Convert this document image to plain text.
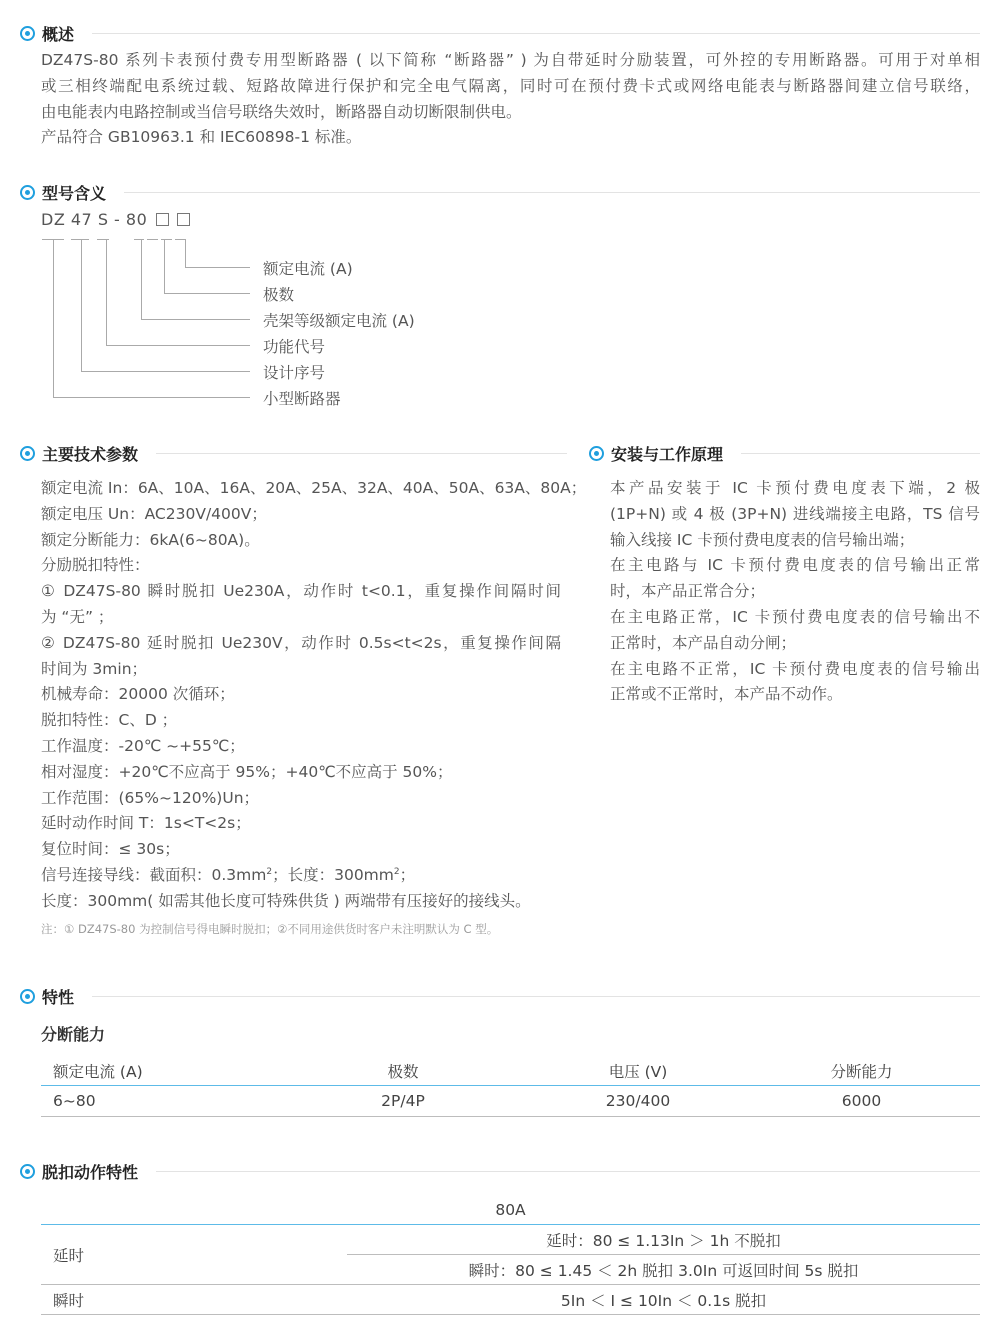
概述
DZ47S-80 系列卡表预付费专用型断路器 ( 以下简称 “断路器” ) 为自带延时分励装置，可外控的专用断路器。可用于对单相
或三相终端配电系统过载、短路故障进行保护和完全电气隔离，同时可在预付费卡式或网络电能表与断路器间建立信号联络，
由电能表内电路控制或当信号联络失效时，断路器自动切断限制供电。
产品符合 GB10963.1 和 IEC60898-1 标准。
型号含义
DZ 47 S - 80
额定电流 (A)
极数
壳架等级额定电流 (A)
功能代号
设计序号
小型断路器
主要技术参数
额定电流 In：6A、10A、16A、20A、25A、32A、40A、50A、63A、80A；
额定电压 Un：AC230V/400V；
额定分断能力：6kA(6~80A)。
分励脱扣特性：
① DZ47S-80 瞬时脱扣 Ue230A，动作时 t<0.1，重复操作间隔时间
为 “无” ；
② DZ47S-80 延时脱扣 Ue230V，动作时 0.5s<t<2s，重复操作间隔
时间为 3min；
机械寿命：20000 次循环；
脱扣特性：C、D ；
工作温度：-20℃ ~+55℃；
相对湿度：+20℃不应高于 95%；+40℃不应高于 50%；
工作范围：(65%~120%)Un；
延时动作时间 T：1s<T<2s；
复位时间：≤ 30s；
信号连接导线：截面积：$0.3mm^2$；长度：$300mm^2$；
长度：300mm( 如需其他长度可特殊供货 ) 两端带有压接好的接线头。
注：① DZ47S-80 为控制信号得电瞬时脱扣；②不同用途供货时客户未注明默认为 C 型。
安装与工作原理
本产品安装于 IC 卡预付费电度表下端，2 极
(1P+N) 或 4 极 (3P+N) 进线端接主电路，TS 信号
输入线接 IC 卡预付费电度表的信号输出端；
在主电路与 IC 卡预付费电度表的信号输出正常
时，本产品正常合分；
在主电路正常，IC 卡预付费电度表的信号输出不
正常时，本产品自动分闸；
在主电路不正常，IC 卡预付费电度表的信号输出
正常或不正常时，本产品不动作。
特性
分断能力
额定电流 (A)	极数	电压 (V)	分断能力
6~80	2P/4P	230/400	6000
脱扣动作特性
80A	
延时	延时：80 ≤ 1.13In ＞ 1h 不脱扣
	瞬时：80 ≤ 1.45 ＜ 2h 脱扣 3.0In 可返回时间 5s 脱扣
瞬时	5In ＜ I ≤ 10In ＜ 0.1s 脱扣
